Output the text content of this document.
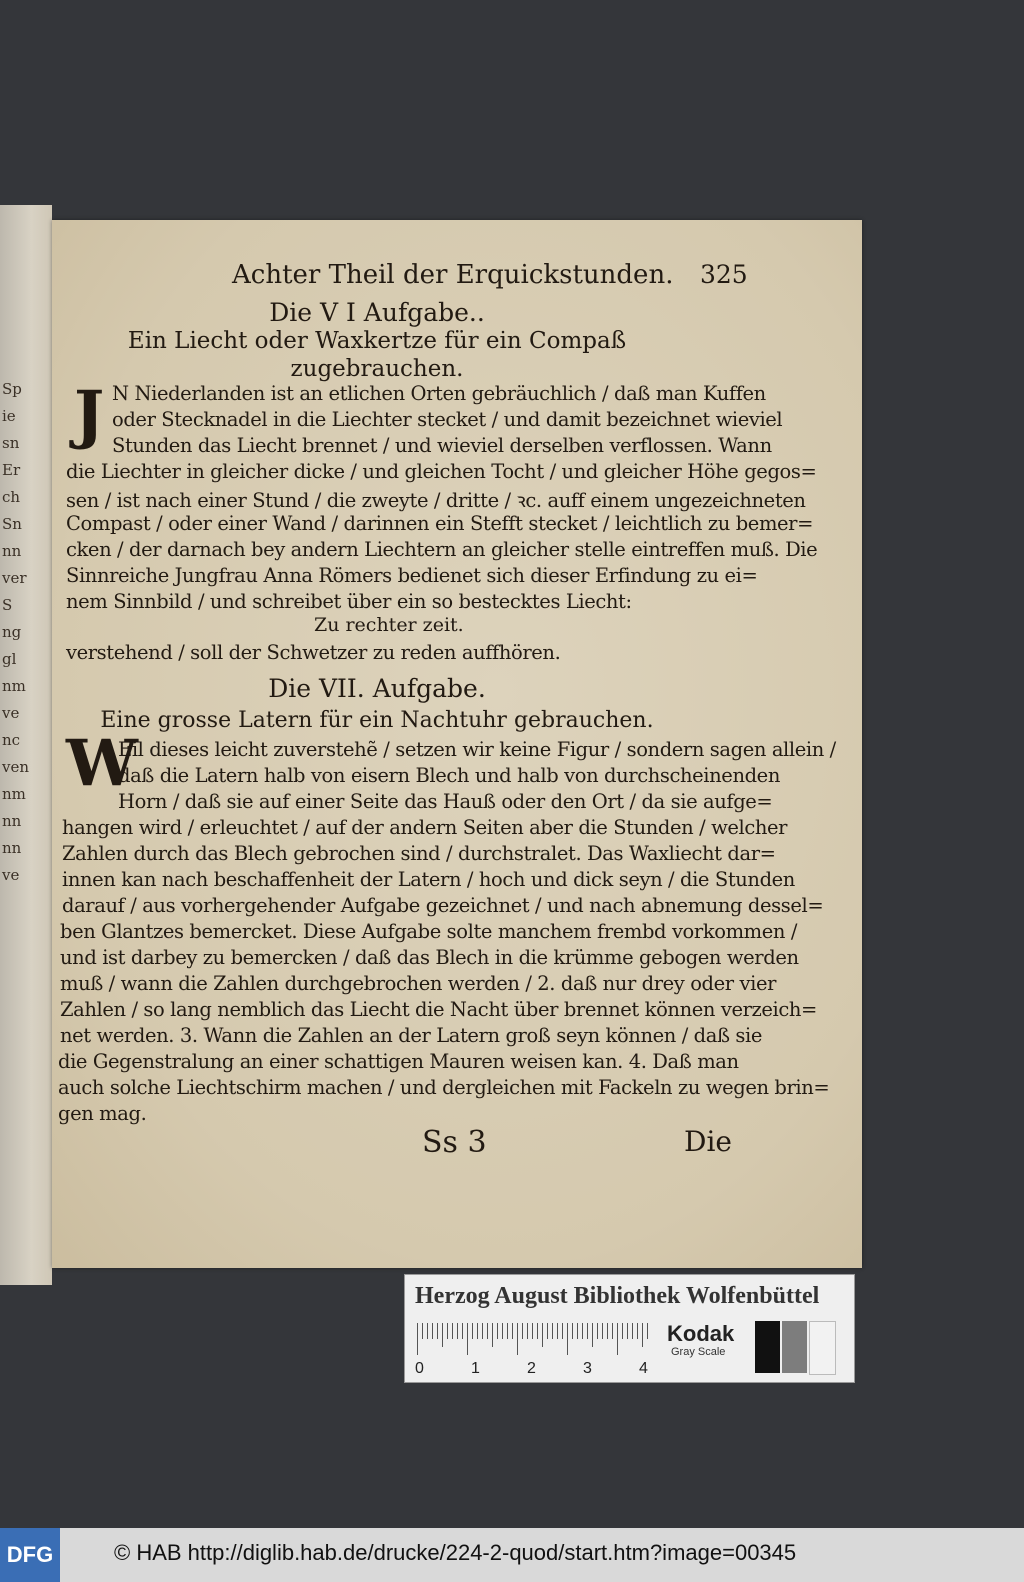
Sp
ie
sn
Er
ch
Sn
nn
ver
S
ng
gl
nm
ve
nc
ven
nm
nn
nn
ve
Achter Theil der Erquickstunden. 325
Die V I Aufgabe..
Ein Liecht oder Waxkertze für ein Compaß
zugebrauchen.
J N Niederlanden ist an etlichen Orten gebräuchlich / daß man Kuffen
oder Stecknadel in die Liechter stecket / und damit bezeichnet wieviel
Stunden das Liecht brennet / und wieviel derselben verflossen. Wann
die Liechter in gleicher dicke / und gleichen Tocht / und gleicher Höhe gegos=
sen / ist nach einer Stund / die zweyte / dritte / ꝛc. auff einem ungezeichneten
Compast / oder einer Wand / darinnen ein Stefft stecket / leichtlich zu bemer=
cken / der darnach bey andern Liechtern an gleicher stelle eintreffen muß. Die
Sinnreiche Jungfrau Anna Römers bedienet sich dieser Erfindung zu ei=
nem Sinnbild / und schreibet über ein so bestecktes Liecht:
Zu rechter zeit.
verstehend / soll der Schwetzer zu reden auffhören.
Die VII. Aufgabe.
Eine grosse Latern für ein Nachtuhr gebrauchen.
W
Eil dieses leicht zuverstehẽ / setzen wir keine Figur / sondern sagen allein /
daß die Latern halb von eisern Blech und halb von durchscheinenden
Horn / daß sie auf einer Seite das Hauß oder den Ort / da sie aufge=
hangen wird / erleuchtet / auf der andern Seiten aber die Stunden / welcher
Zahlen durch das Blech gebrochen sind / durchstralet. Das Waxliecht dar=
innen kan nach beschaffenheit der Latern / hoch und dick seyn / die Stunden
darauf / aus vorhergehender Aufgabe gezeichnet / und nach abnemung dessel=
ben Glantzes bemercket. Diese Aufgabe solte manchem frembd vorkommen /
und ist darbey zu bemercken / daß das Blech in die krümme gebogen werden
muß / wann die Zahlen durchgebrochen werden / 2. daß nur drey oder vier
Zahlen / so lang nemblich das Liecht die Nacht über brennet können verzeich=
net werden. 3. Wann die Zahlen an der Latern groß seyn können / daß sie
die Gegenstralung an einer schattigen Mauren weisen kan. 4. Daß man
auch solche Liechtschirm machen / und dergleichen mit Fackeln zu wegen brin=
gen mag.
Ss 3	Die
Herzog August Bibliothek Wolfenbüttel
0	1	2	3	4
Kodak
Gray Scale
DFG	© HAB http://diglib.hab.de/drucke/224-2-quod/start.htm?image=00345
